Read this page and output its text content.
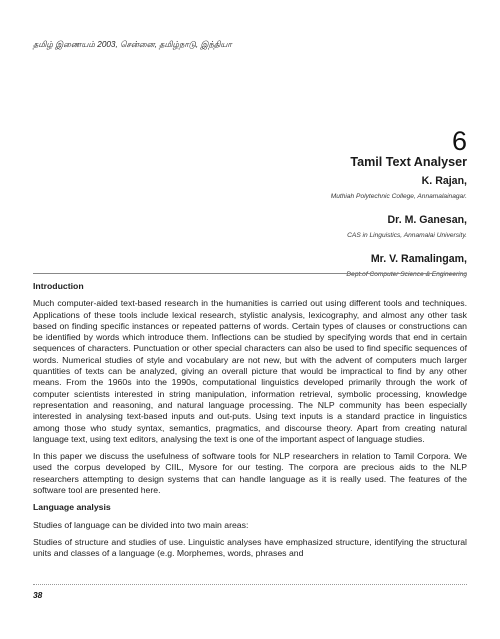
தமிழ் இணையம் 2003, சென்னை, தமிழ்நாடு, இந்தியா
6

Tamil Text Analyser

K. Rajan,

Muthiah Polytechnic College, Annamalainagar.

Dr. M. Ganesan,

CAS in Linguistics, Annamalai University.

Mr. V. Ramalingam,

Dept.of Computer Science & Engineering

Introduction

Much computer-aided text-based research in the humanities is carried out using different tools and techniques. Applications of these tools include lexical research, stylistic analysis, lexicography, and almost any other task based on finding specific instances or repeated patterns of words. Certain types of clauses or constructions can be identified by words which introduce them. Inflections can be studied by specifying words that end in certain sequences of characters. Punctuation or other special characters can also be used to find specific sequences of words. Numerical studies of style and vocabulary are not new, but with the advent of computers much larger quantities of texts can be analyzed, giving an overall picture that would be impractical to find by any other means. From the 1960s into the 1990s, computational linguistics developed primarily through the work of computer scientists interested in string manipulation, information retrieval, symbolic processing, knowledge representation and reasoning, and natural language processing. The NLP community has been especially interested in analysing text-based inputs and out-puts. Using text inputs is a standard practice in linguistics among those who study syntax, semantics, pragmatics, and discourse theory. Apart from creating natural language text, using text editors, analysing the text is one of the important aspect of language studies.

In this paper we discuss the usefulness of software tools for NLP researchers in relation to Tamil Corpora. We used the corpus developed by CIIL, Mysore for our testing. The corpora are precious aids to the NLP researchers attempting to design systems that can handle language as it is really used. The features of the software tool are presented here.

Language analysis

Studies of language can be divided into two main areas:

Studies of structure and studies of use. Linguistic analyses have emphasized structure, identifying the structural units and classes of a language (e.g. Morphemes, words, phrases and

38
